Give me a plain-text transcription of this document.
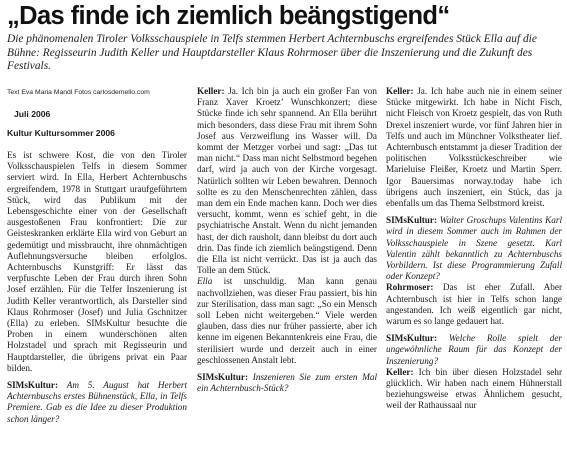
„Das finde ich ziemlich beängstigend“
Die phänomenalen Tiroler Volksschauspiele in Telfs stemmen Herbert Achternbuschs ergreifendes Stück Ella auf die Bühne: Regisseurin Judith Keller und Hauptdarsteller Klaus Rohrmoser über die Inszenierung und die Zukunft des Festivals.
Text Eva Maria Mandl Fotos carlosdemello.com
Juli 2006
Kultur Kultursommer 2006

Es ist schwere Kost, die von den Tiroler Volksschauspielen Telfs in diesem Sommer serviert wird. In Ella, Herbert Achternbuschs ergreifendem, 1978 in Stuttgart uraufgeführtem Stück, wird das Publikum mit der Lebensgeschichte einer von der Gesellschaft ausgestoßenen Frau konfrontiert: Die zur Geisteskranken erklärte Ella wird von Geburt an gedemütigt und missbraucht, ihre ohnmächtigen Auflehnungsversuche bleiben erfolglos. Achternbuschs Kunstgriff: Er lässt das verpfuschte Leben der Frau durch ihren Sohn Josef erzählen. Für die Telfer Inszenierung ist Judith Keller verantwortlich, als Darsteller sind Klaus Rohrmoser (Josef) und Julia Gschnitzer (Ella) zu erleben. SIMsKultur besuchte die Proben in einem wunderschönen alten Holzstadel und sprach mit Regisseurin und Hauptdarsteller, die übrigens privat ein Paar bilden.

SIMsKultur: Am 5. August hat Herbert Achternbuschs erstes Bühnenstück, Ella, in Telfs Premiere. Gab es die Idee zu dieser Produktion schon länger?

Keller: Ja. Ich bin ja auch ein großer Fan von Franz Xaver Kroetz’ Wunschkonzert; diese Stücke finde ich sehr spannend. An Ella berührt mich besonders, dass diese Frau mit ihrem Sohn Josef aus Verzweiflung ins Wasser will. Da kommt der Metzger vorbei und sagt: „Das tut man nicht.“ Dass man nicht Selbstmord begehen darf, wird ja auch von der Kirche vorgesagt. Natürlich sollten wir Leben bewahren. Dennoch sollte es zu den Menschenrechten zählen, dass man dem ein Ende machen kann. Doch wer dies versucht, kommt, wenn es schief geht, in die psychiatrische Anstalt. Wenn du nicht jemanden hast, der dich rausholt, dann bleibst du dort auch drin. Das finde ich ziemlich beängstigend. Denn die Ella ist nicht verrückt. Das ist ja auch das Tolle an dem Stück.

Ella ist unschuldig. Man kann genau nachvollziehen, was dieser Frau passiert, bis hin zur Sterilisation, dass man sagt: „So ein Mensch soll Leben nicht weitergeben.“ Viele werden glauben, dass dies nur früher passierte, aber ich kenne im eigenen Bekanntenkreis eine Frau, die sterilisiert wurde und derzeit auch in einer geschlossenen Anstalt lebt.

SIMsKultur: Inszenieren Sie zum ersten Mal ein Achternbusch-Stück?

Keller: Ja. Ich habe auch nie in einem seiner Stücke mitgewirkt. Ich habe in Nicht Fisch, nicht Fleisch von Kroetz gespielt, das von Ruth Drexel inszeniert wurde, vor fünf Jahren hier in Telfs und auch im Münchner Volkstheater lief. Achternbusch entstammt ja dieser Tradition der politischen Volksstückeschreiber wie Marieluise Fleißer, Kroetz und Martin Sperr. Igor Bauersimas norway.today habe ich übrigens auch inszeniert, ein Stück, das ja ebenfalls um das Thema Selbstmord kreist.

SIMsKultur: Walter Groschups Valentins Karl wird in diesem Sommer auch im Rahmen der Volksschauspiele in Szene gesetzt. Karl Valentin zählt bekanntlich zu Achternbuschs Vorbildern. Ist diese Programmierung Zufall oder Konzept?

Rohrmoser: Das ist eher Zufall. Aber Achternbusch ist hier in Telfs schon lange angestanden. Ich weiß eigentlich gar nicht, warum es so lange gedauert hat.

SIMsKultur: Welche Rolle spielt der ungewöhnliche Raum für das Konzept der Inszenierung?

Keller: Ich bin über diesen Holzstadel sehr glücklich. Wir haben nach einem Hühnerstall beziehungsweise etwas Ähnlichem gesucht, weil der Rathaussaal nur
